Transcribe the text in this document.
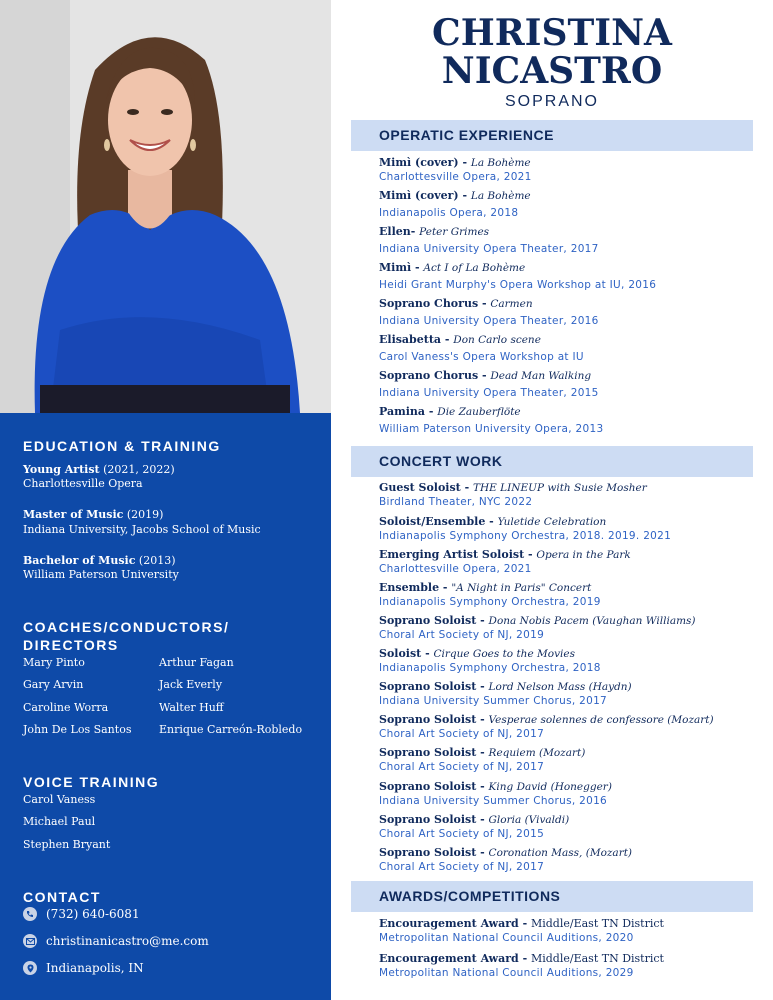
EDUCATION & TRAINING
Young Artist (2021, 2022)
Charlottesville Opera
Master of Music (2019)
Indiana University, Jacobs School of Music
Bachelor of Music (2013)
William Paterson University
COACHES/CONDUCTORS/
DIRECTORS
Mary Pinto
Gary Arvin
Caroline Worra
John De Los Santos
Arthur Fagan
Jack Everly
Walter Huff
Enrique Carreón-Robledo
VOICE TRAINING
Carol Vaness
Michael Paul
Stephen Bryant
CONTACT
(732) 640-6081
christinanicastro@me.com
Indianapolis, IN
CHRISTINA
NICASTRO
SOPRANO
OPERATIC EXPERIENCE
Mimì (cover) - La Bohème
Charlottesville Opera, 2021
Mimì (cover) - La Bohème
Indianapolis Opera, 2018
Ellen- Peter Grimes
Indiana University Opera Theater, 2017
Mimì - Act I of La Bohème
Heidi Grant Murphy's Opera Workshop at IU, 2016
Soprano Chorus - Carmen
Indiana University Opera Theater, 2016
Elisabetta - Don Carlo scene
Carol Vaness's Opera Workshop at IU
Soprano Chorus - Dead Man Walking
Indiana University Opera Theater, 2015
Pamina - Die Zauberflöte
William Paterson University Opera, 2013
CONCERT WORK
Guest Soloist - THE LINEUP with Susie Mosher
Birdland Theater, NYC 2022
Soloist/Ensemble - Yuletide Celebration
Indianapolis Symphony Orchestra, 2018. 2019. 2021
Emerging Artist Soloist - Opera in the Park
Charlottesville Opera, 2021
Ensemble - "A Night in Paris" Concert
Indianapolis Symphony Orchestra, 2019
Soprano Soloist - Dona Nobis Pacem (Vaughan Williams)
Choral Art Society of NJ, 2019
Soloist - Cirque Goes to the Movies
Indianapolis Symphony Orchestra, 2018
Soprano Soloist - Lord Nelson Mass (Haydn)
Indiana University Summer Chorus, 2017
Soprano Soloist - Vesperae solennes de confessore (Mozart)
Choral Art Society of NJ, 2017
Soprano Soloist - Requiem (Mozart)
Choral Art Society of NJ, 2017
Soprano Soloist - King David (Honegger)
Indiana University Summer Chorus, 2016
Soprano Soloist - Gloria (Vivaldi)
Choral Art Society of NJ, 2015
Soprano Soloist - Coronation Mass, (Mozart)
Choral Art Society of NJ, 2017
AWARDS/COMPETITIONS
Encouragement Award - Middle/East TN District
Metropolitan National Council Auditions, 2020
Encouragement Award - Middle/East TN District
Metropolitan National Council Auditions, 2029
